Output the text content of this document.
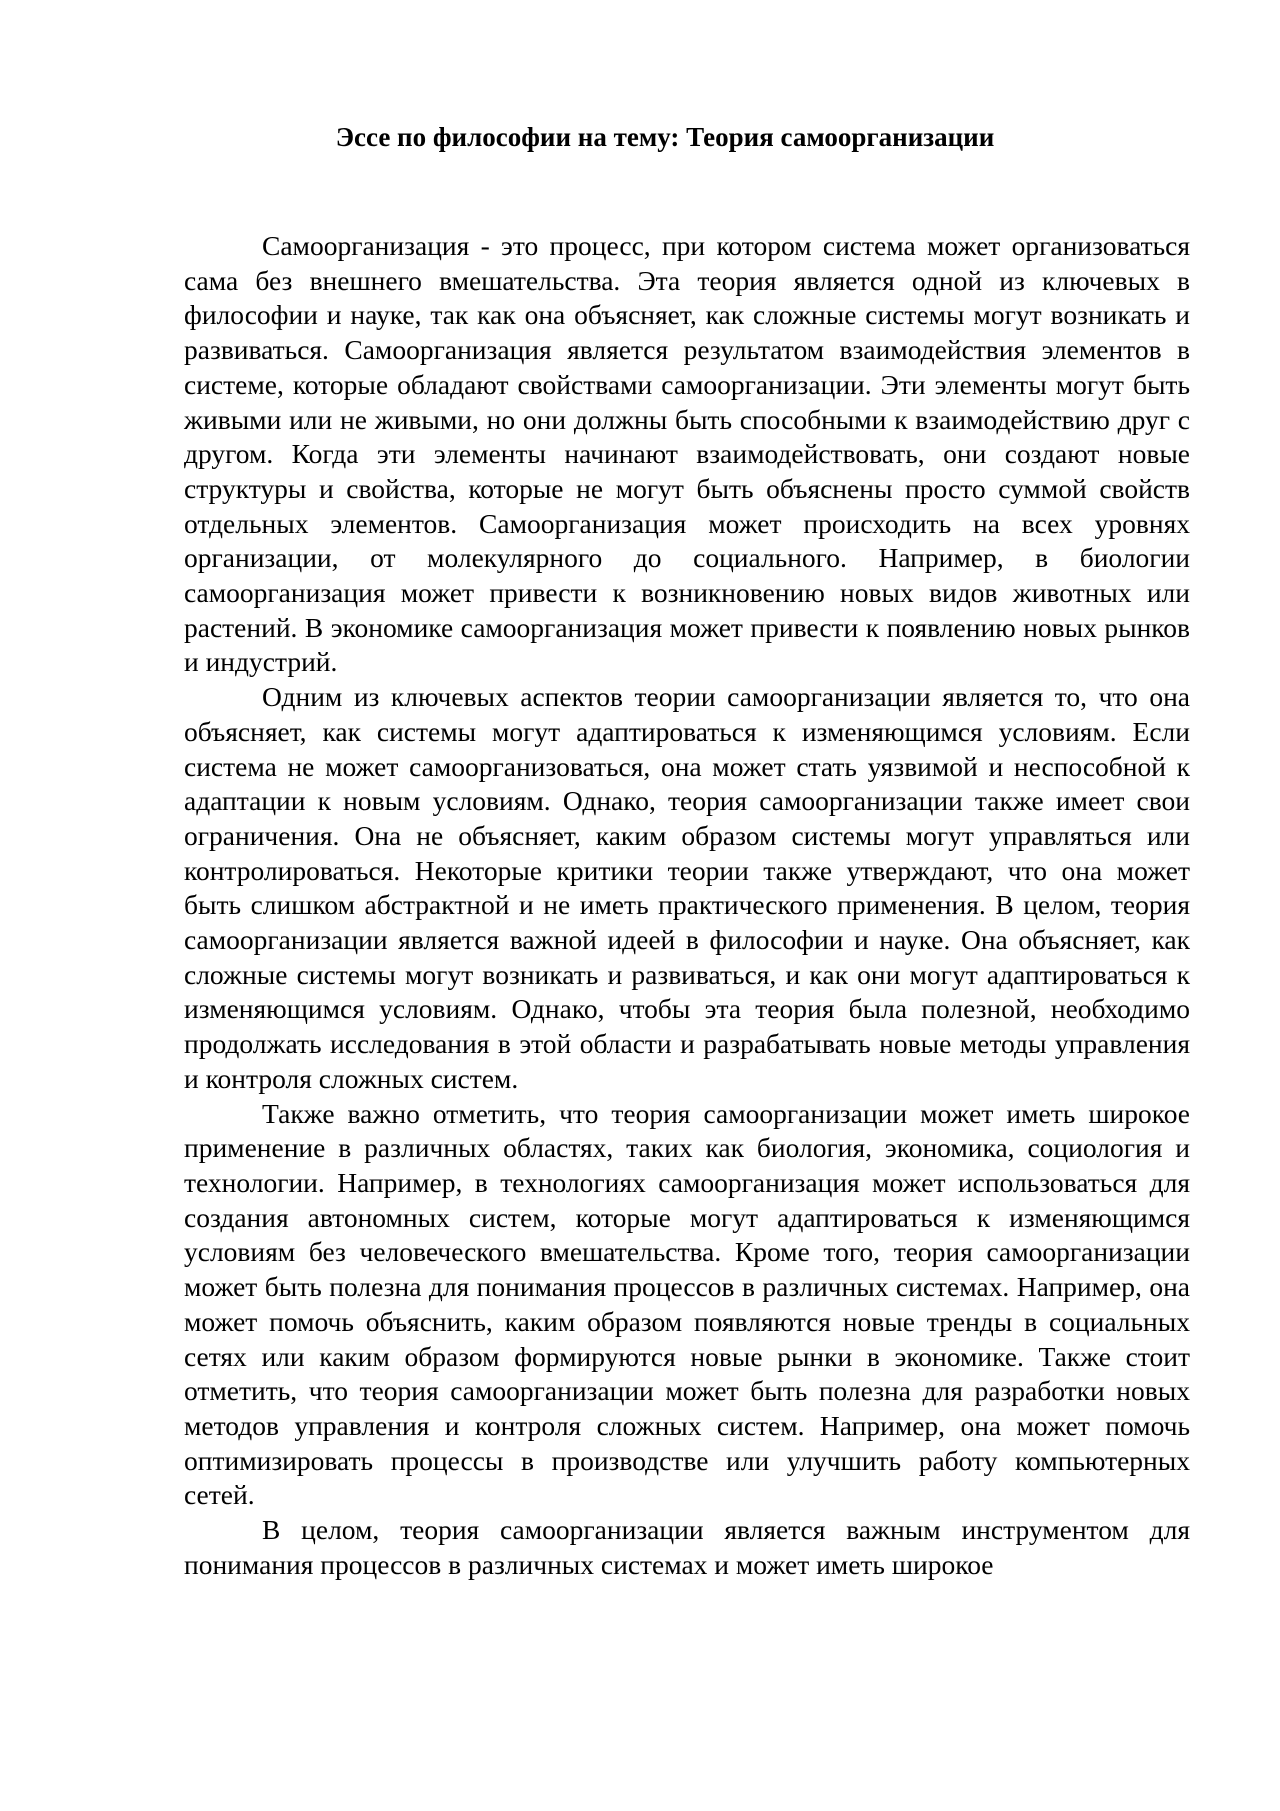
Эссе по философии на тему: Теория самоорганизации

Самоорганизация - это процесс, при котором система может организоваться сама без внешнего вмешательства. Эта теория является одной из ключевых в философии и науке, так как она объясняет, как сложные системы могут возникать и развиваться. Самоорганизация является результатом взаимодействия элементов в системе, которые обладают свойствами самоорганизации. Эти элементы могут быть живыми или не живыми, но они должны быть способными к взаимодействию друг с другом. Когда эти элементы начинают взаимодействовать, они создают новые структуры и свойства, которые не могут быть объяснены просто суммой свойств отдельных элементов. Самоорганизация может происходить на всех уровнях организации, от молекулярного до социального. Например, в биологии самоорганизация может привести к возникновению новых видов животных или растений. В экономике самоорганизация может привести к появлению новых рынков и индустрий.

Одним из ключевых аспектов теории самоорганизации является то, что она объясняет, как системы могут адаптироваться к изменяющимся условиям. Если система не может самоорганизоваться, она может стать уязвимой и неспособной к адаптации к новым условиям. Однако, теория самоорганизации также имеет свои ограничения. Она не объясняет, каким образом системы могут управляться или контролироваться. Некоторые критики теории также утверждают, что она может быть слишком абстрактной и не иметь практического применения. В целом, теория самоорганизации является важной идеей в философии и науке. Она объясняет, как сложные системы могут возникать и развиваться, и как они могут адаптироваться к изменяющимся условиям. Однако, чтобы эта теория была полезной, необходимо продолжать исследования в этой области и разрабатывать новые методы управления и контроля сложных систем.

Также важно отметить, что теория самоорганизации может иметь широкое применение в различных областях, таких как биология, экономика, социология и технологии. Например, в технологиях самоорганизация может использоваться для создания автономных систем, которые могут адаптироваться к изменяющимся условиям без человеческого вмешательства. Кроме того, теория самоорганизации может быть полезна для понимания процессов в различных системах. Например, она может помочь объяснить, каким образом появляются новые тренды в социальных сетях или каким образом формируются новые рынки в экономике. Также стоит отметить, что теория самоорганизации может быть полезна для разработки новых методов управления и контроля сложных систем. Например, она может помочь оптимизировать процессы в производстве или улучшить работу компьютерных сетей.

В целом, теория самоорганизации является важным инструментом для понимания процессов в различных системах и может иметь широкое
